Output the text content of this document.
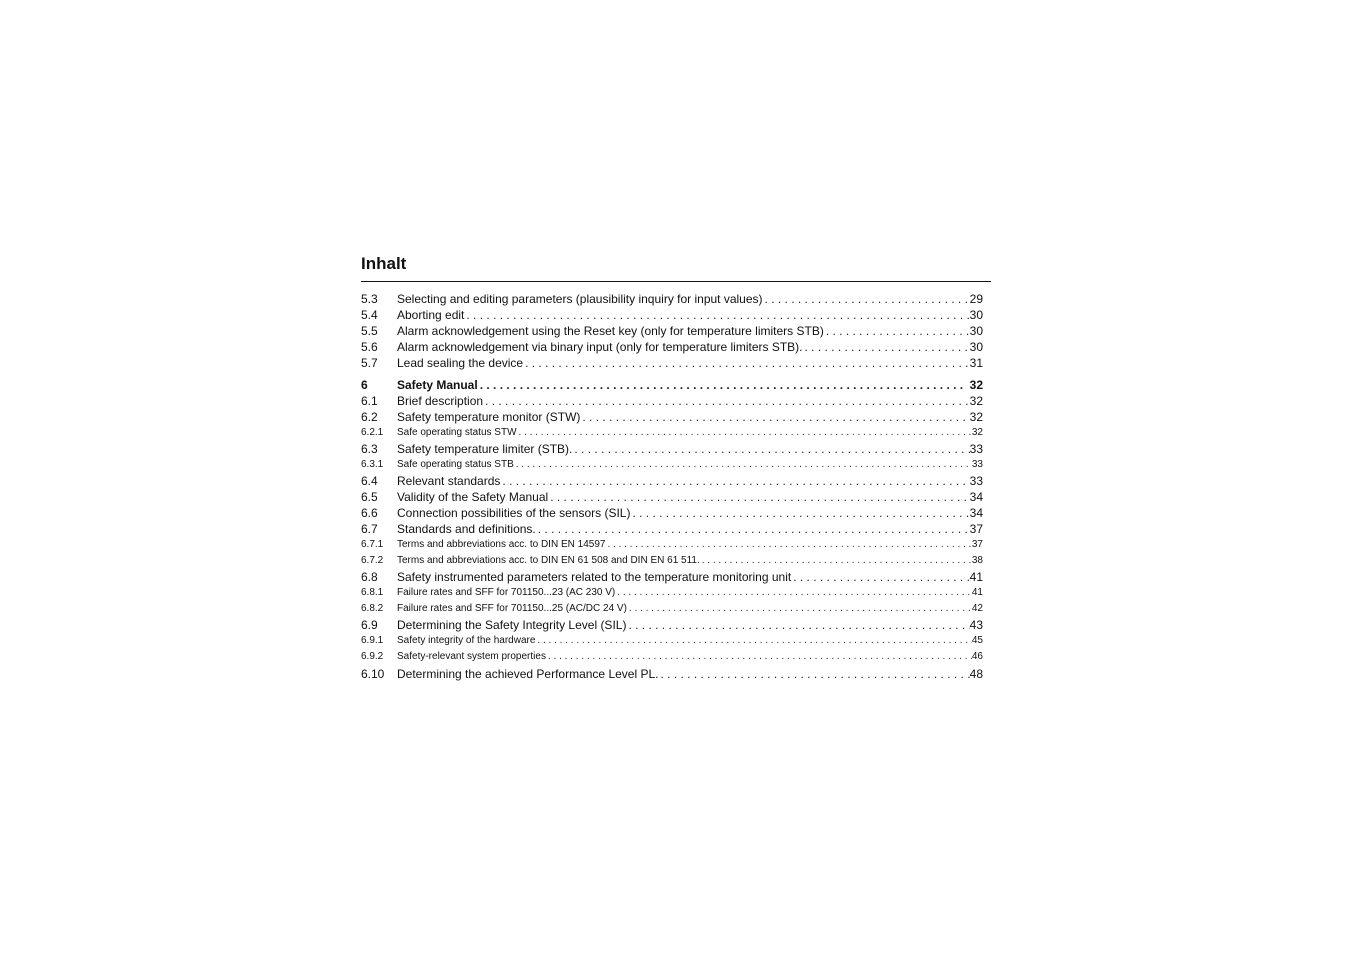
Inhalt
5.3	Selecting and editing parameters (plausibility inquiry for input values) . . .	29
5.4	Aborting edit . . .	30
5.5	Alarm acknowledgement using the Reset key (only for temperature limiters STB) . . .	30
5.6	Alarm acknowledgement via binary input (only for temperature limiters STB). . . .	30
5.7	Lead sealing the device . . .	31
6	Safety Manual . .	32
6.1	Brief description . . .	32
6.2	Safety temperature monitor (STW) . . .	32
6.2.1	Safe operating status STW . . .	32
6.3	Safety temperature limiter (STB). . . .	33
6.3.1	Safe operating status STB . . .	33
6.4	Relevant standards . . .	33
6.5	Validity of the Safety Manual . . .	34
6.6	Connection possibilities of the sensors (SIL) . . .	34
6.7	Standards and definitions. . . .	37
6.7.1	Terms and abbreviations acc. to DIN EN 14597 . . .	37
6.7.2	Terms and abbreviations acc. to DIN EN 61 508 and DIN EN 61 511. . . .	38
6.8	Safety instrumented parameters related to the temperature monitoring unit . . .	41
6.8.1	Failure rates and SFF for 701150...23 (AC 230 V) . . .	41
6.8.2	Failure rates and SFF for 701150...25 (AC/DC 24 V) . . .	42
6.9	Determining the Safety Integrity Level (SIL) . . .	43
6.9.1	Safety integrity of the hardware . . .	45
6.9.2	Safety-relevant system properties . . .	46
6.10	Determining the achieved Performance Level PL. . . .	48
